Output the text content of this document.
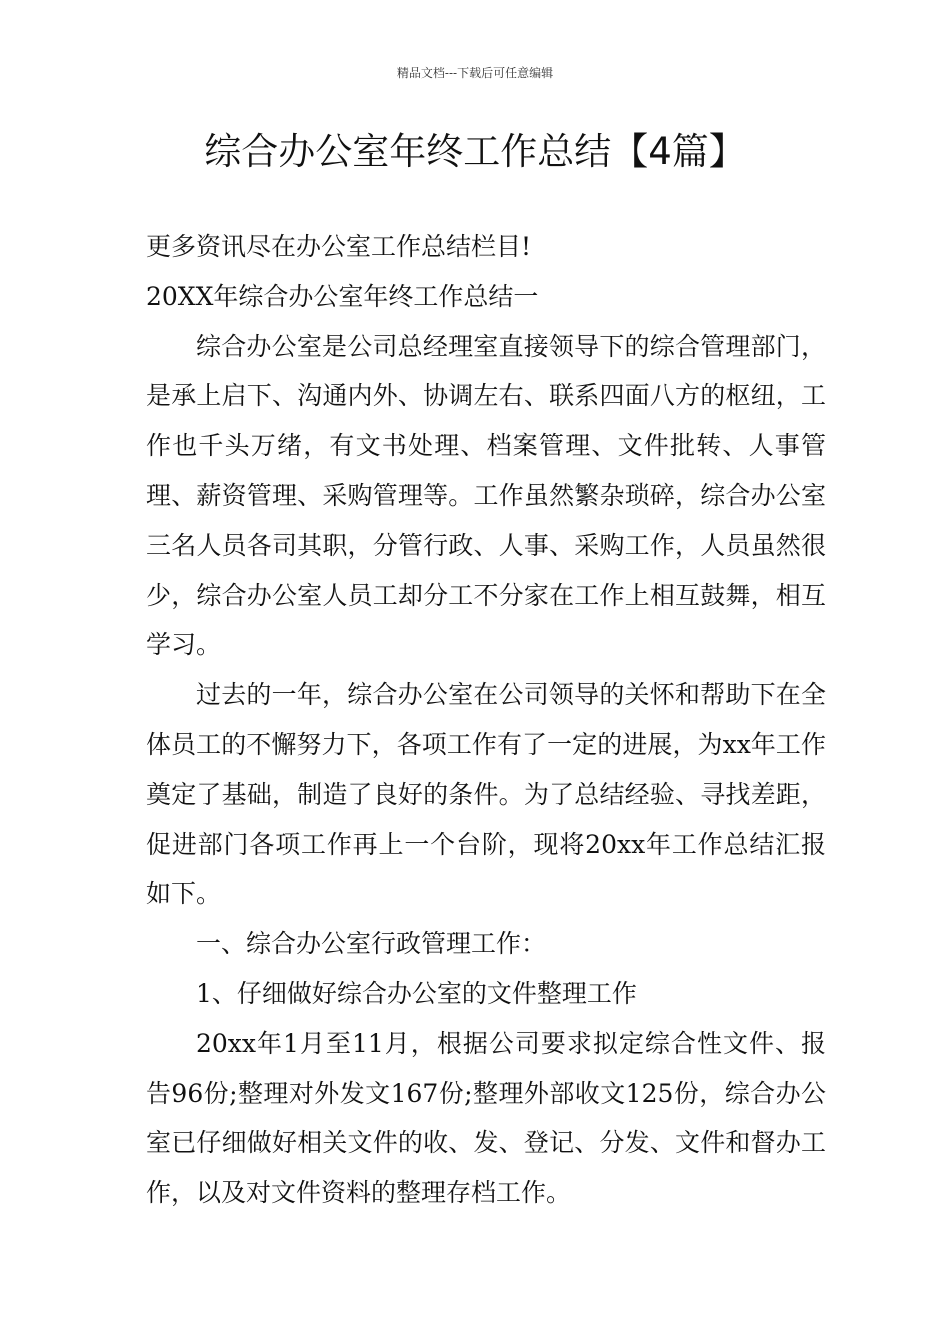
精品文档---下载后可任意编辑
综合办公室年终工作总结【4篇】

更多资讯尽在办公室工作总结栏目!

20XX年综合办公室年终工作总结一

综合办公室是公司总经理室直接领导下的综合管理部门，是承上启下、沟通内外、协调左右、联系四面八方的枢纽，工作也千头万绪，有文书处理、档案管理、文件批转、人事管理、薪资管理、采购管理等。工作虽然繁杂琐碎，综合办公室三名人员各司其职，分管行政、人事、采购工作，人员虽然很少，综合办公室人员工却分工不分家在工作上相互鼓舞，相互学习。

过去的一年，综合办公室在公司领导的关怀和帮助下在全体员工的不懈努力下，各项工作有了一定的进展，为xx年工作奠定了基础，制造了良好的条件。为了总结经验、寻找差距，促进部门各项工作再上一个台阶，现将20xx年工作总结汇报如下。

一、综合办公室行政管理工作：

1、仔细做好综合办公室的文件整理工作

20xx年1月至11月，根据公司要求拟定综合性文件、报告96份;整理对外发文167份;整理外部收文125份，综合办公室已仔细做好相关文件的收、发、登记、分发、文件和督办工作，以及对文件资料的整理存档工作。
